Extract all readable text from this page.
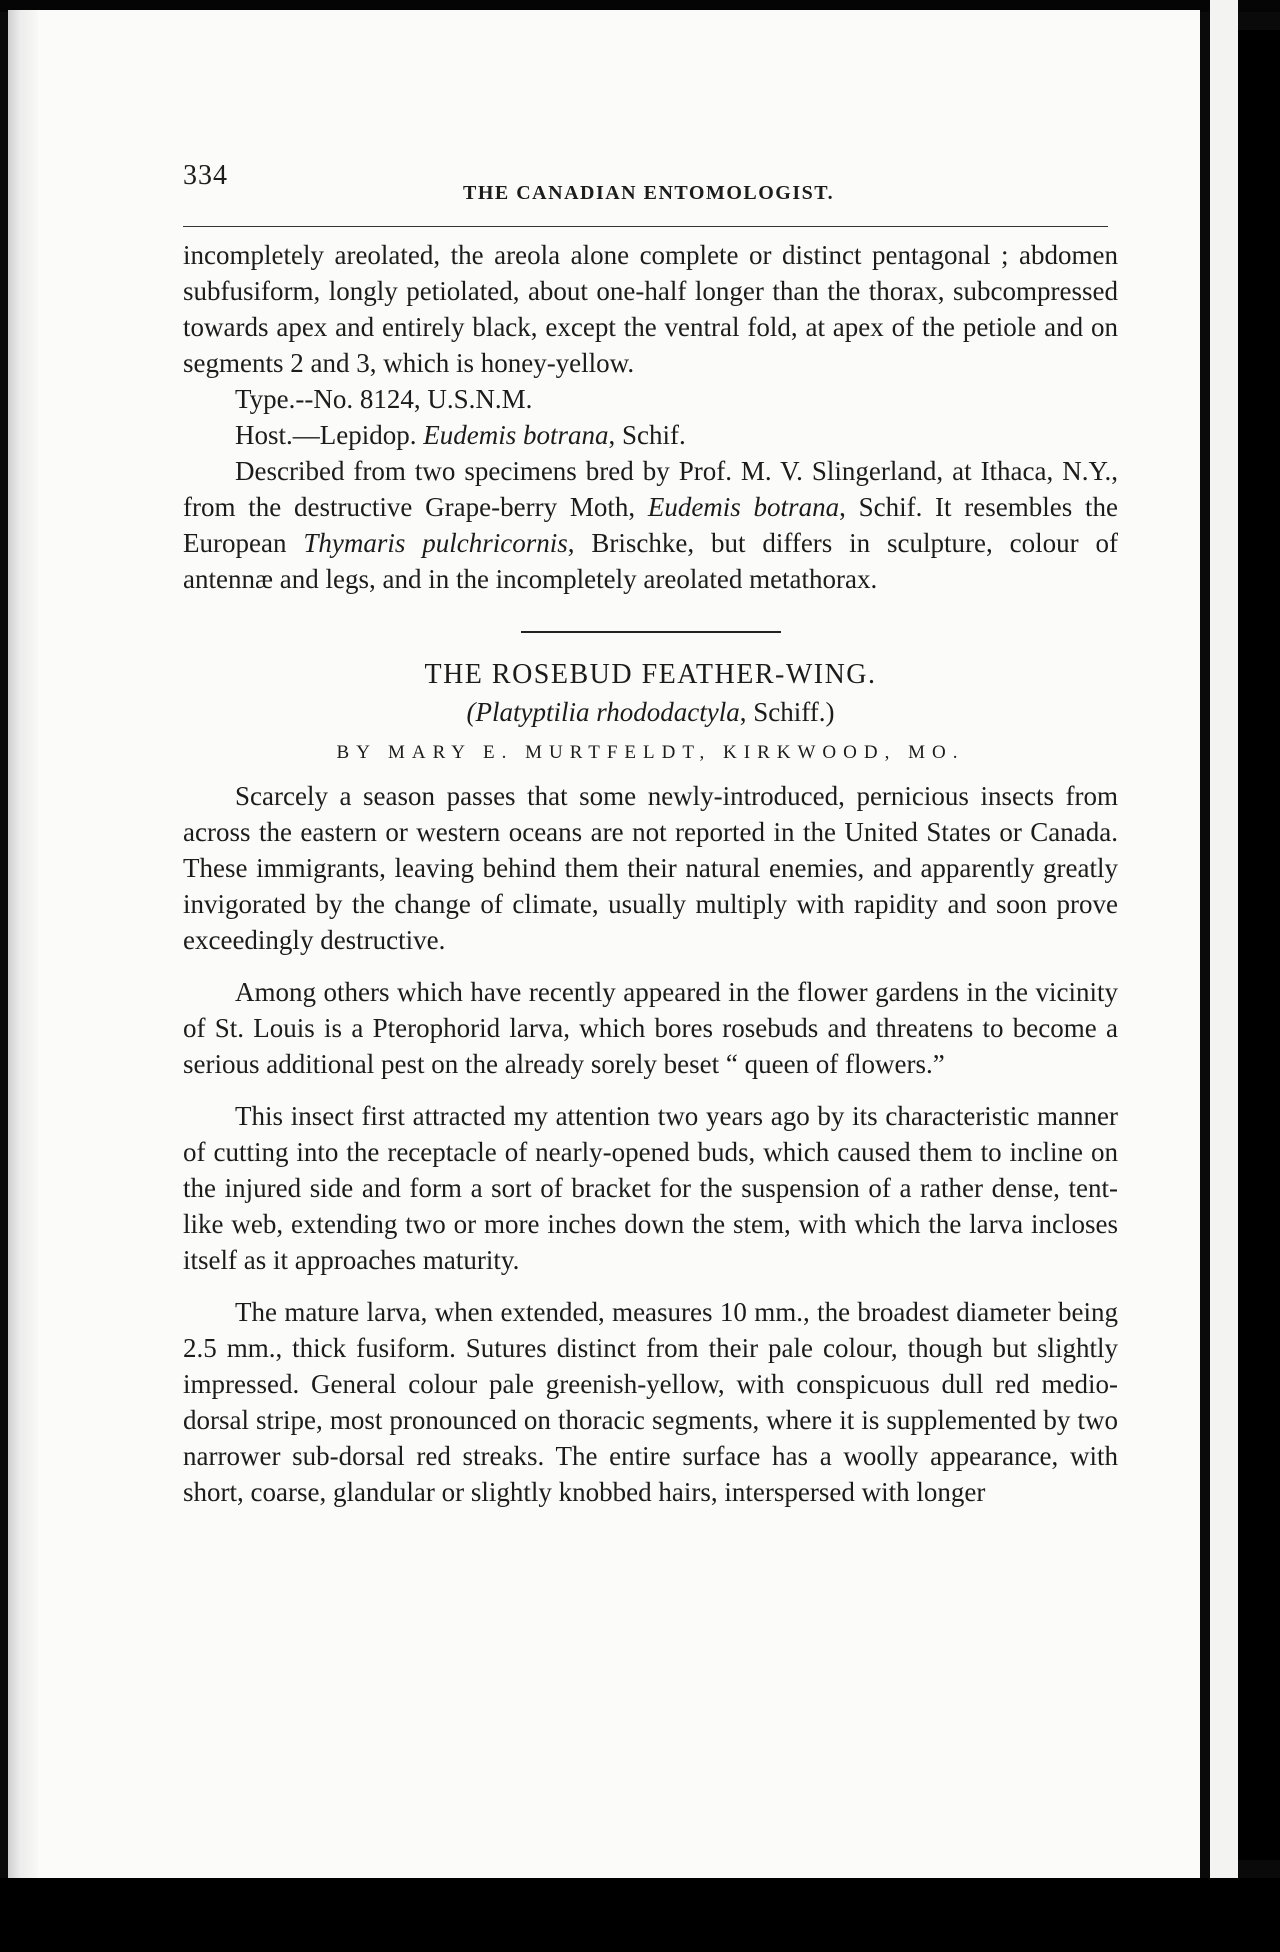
334
THE CANADIAN ENTOMOLOGIST.

incompletely areolated, the areola alone complete or distinct pentagonal ; abdomen subfusiform, longly petiolated, about one-half longer than the thorax, subcompressed towards apex and entirely black, except the ventral fold, at apex of the petiole and on segments 2 and 3, which is honey-yellow.

Type.--No. 8124, U.S.N.M.

Host.—Lepidop. Eudemis botrana, Schif.

Described from two specimens bred by Prof. M. V. Slingerland, at Ithaca, N.Y., from the destructive Grape-berry Moth, Eudemis botrana, Schif. It resembles the European Thymaris pulchricornis, Brischke, but differs in sculpture, colour of antennæ and legs, and in the incompletely areolated metathorax.

THE ROSEBUD FEATHER-WING.
(Platyptilia rhododactyla, Schiff.)
BY MARY E. MURTFELDT, KIRKWOOD, MO.

Scarcely a season passes that some newly-introduced, pernicious insects from across the eastern or western oceans are not reported in the United States or Canada. These immigrants, leaving behind them their natural enemies, and apparently greatly invigorated by the change of climate, usually multiply with rapidity and soon prove exceedingly destructive.

Among others which have recently appeared in the flower gardens in the vicinity of St. Louis is a Pterophorid larva, which bores rosebuds and threatens to become a serious additional pest on the already sorely beset “ queen of flowers.”

This insect first attracted my attention two years ago by its characteristic manner of cutting into the receptacle of nearly-opened buds, which caused them to incline on the injured side and form a sort of bracket for the suspension of a rather dense, tent-like web, extending two or more inches down the stem, with which the larva incloses itself as it approaches maturity.

The mature larva, when extended, measures 10 mm., the broadest diameter being 2.5 mm., thick fusiform. Sutures distinct from their pale colour, though but slightly impressed. General colour pale greenish-yellow, with conspicuous dull red medio-dorsal stripe, most pronounced on thoracic segments, where it is supplemented by two narrower sub-dorsal red streaks. The entire surface has a woolly appearance, with short, coarse, glandular or slightly knobbed hairs, interspersed with longer
